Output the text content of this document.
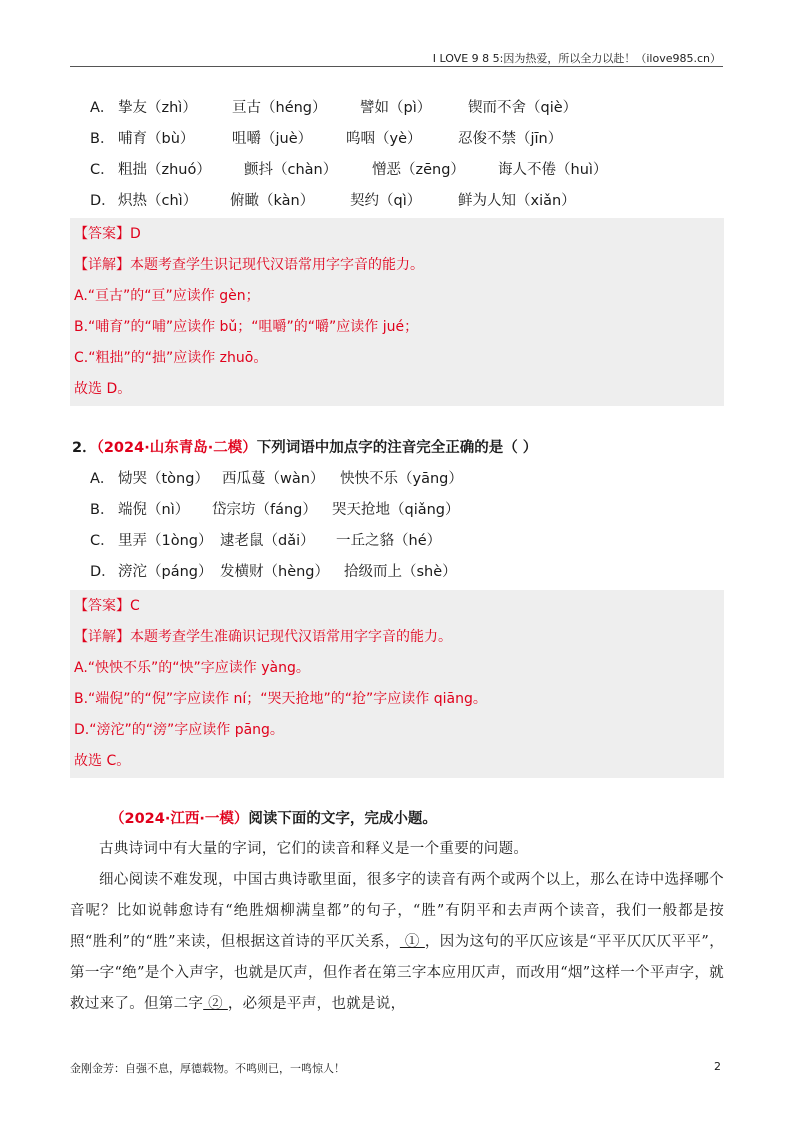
I LOVE 9 8 5:因为热爱，所以全力以赴！（ilove985.cn）
A． 挚友（zhì） 亘古（héng） 譬如（pì）	锲而不舍（qiè）
B． 哺育（bù）	咀嚼（juè） 呜咽（yè）	忍俊不禁（jīn）
C． 粗拙（zhuó） 颤抖（chàn） 憎恶（zēng） 诲人不倦（huì）
D． 炽热（chì） 俯瞰（kàn） 契约（qì）	鲜为人知（xiǎn）
【答案】D
【详解】本题考查学生识记现代汉语常用字字音的能力。
A.“亘古”的“亘”应读作 gèn；
B.“哺育”的“哺”应读作 bǔ；“咀嚼”的“嚼”应读作 jué；
C.“粗拙”的“拙”应读作 zhuō。
故选 D。
2．（2024·山东青岛·二模）下列词语中加点字的注音完全正确的是（ ）
A． 恸哭（tòng） 西瓜蔓（wàn） 怏怏不乐（yāng）
B． 端倪（nì） 岱宗坊（fáng） 哭天抢地（qiǎng）
C． 里弄（1òng） 逮老鼠（dǎi） 一丘之貉（hé）
D． 滂沱（páng） 发横财（hèng） 拾级而上（shè）
【答案】C
【详解】本题考查学生准确识记现代汉语常用字字音的能力。
A.“怏怏不乐”的“怏”字应读作 yàng。
B.“端倪”的“倪”字应读作 ní；“哭天抢地”的“抢”字应读作 qiāng。
D.“滂沱”的“滂”字应读作 pāng。
故选 C。
（2024·江西·一模）阅读下面的文字，完成小题。

古典诗词中有大量的字词，它们的读音和释义是一个重要的问题。

细心阅读不难发现，中国古典诗歌里面，很多字的读音有两个或两个以上，那么在诗中选择哪个音呢？比如说韩愈诗有“绝胜烟柳满皇都”的句子，“胜”有阴平和去声两个读音，我们一般都是按照“胜利”的“胜”来读，但根据这首诗的平仄关系， ① ，因为这句的平仄应该是“平平仄仄仄平平”，第一字“绝”是个入声字，也就是仄声，但作者在第三字本应用仄声，而改用“烟”这样一个平声字，就救过来了。但第二字 ② ，必须是平声，也就是说，

金刚金芳：自强不息，厚德载物。不鸣则已，一鸣惊人！	2
